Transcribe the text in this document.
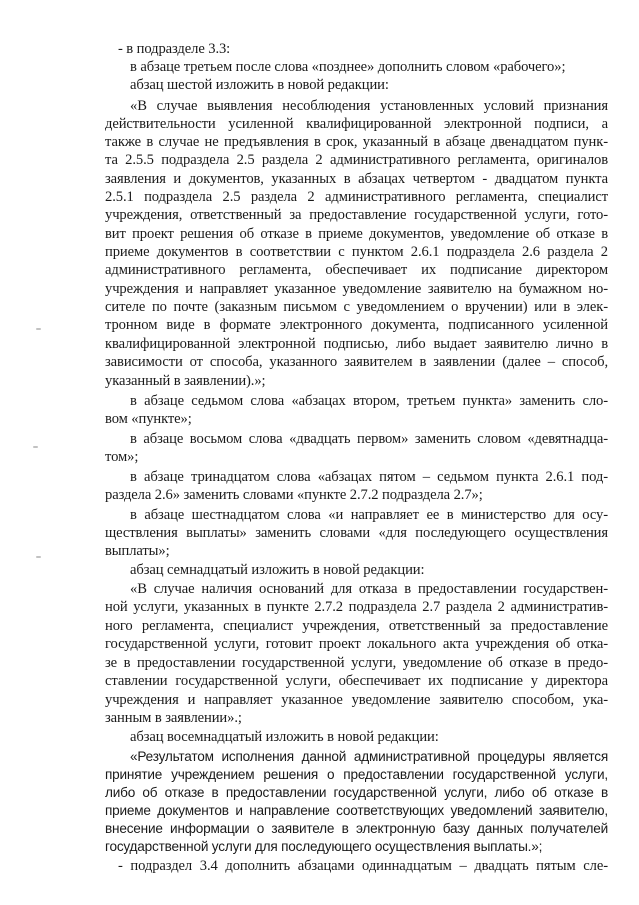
- в подразделе 3.3:
в абзаце третьем после слова «позднее» дополнить словом «рабочего»;
абзац шестой изложить в новой редакции:
«В случае выявления несоблюдения установленных условий признания
действительности усиленной квалифицированной электронной подписи, а
также в случае не предъявления в срок, указанный в абзаце двенадцатом пунк-
та 2.5.5 подраздела 2.5 раздела 2 административного регламента, оригиналов
заявления и документов, указанных в абзацах четвертом - двадцатом пункта
2.5.1 подраздела 2.5 раздела 2 административного регламента, специалист
учреждения, ответственный за предоставление государственной услуги, гото-
вит проект решения об отказе в приеме документов, уведомление об отказе в
приеме документов в соответствии с пунктом 2.6.1 подраздела 2.6 раздела 2
административного регламента, обеспечивает их подписание директором
учреждения и направляет указанное уведомление заявителю на бумажном но-
сителе по почте (заказным письмом с уведомлением о вручении) или в элек-
тронном виде в формате электронного документа, подписанного усиленной
квалифицированной электронной подписью, либо выдает заявителю лично в
зависимости от способа, указанного заявителем в заявлении (далее – способ,
указанный в заявлении).»;
в абзаце седьмом слова «абзацах втором, третьем пункта» заменить сло-
вом «пункте»;
в абзаце восьмом слова «двадцать первом» заменить словом «девятнадца-
том»;
в абзаце тринадцатом слова «абзацах пятом – седьмом пункта 2.6.1 под-
раздела 2.6» заменить словами «пункте 2.7.2 подраздела 2.7»;
в абзаце шестнадцатом слова «и направляет ее в министерство для осу-
ществления выплаты» заменить словами «для последующего осуществления
выплаты»;
абзац семнадцатый изложить в новой редакции:
«В случае наличия оснований для отказа в предоставлении государствен-
ной услуги, указанных в пункте 2.7.2 подраздела 2.7 раздела 2 административ-
ного регламента, специалист учреждения, ответственный за предоставление
государственной услуги, готовит проект локального акта учреждения об отка-
зе в предоставлении государственной услуги, уведомление об отказе в предо-
ставлении государственной услуги, обеспечивает их подписание у директора
учреждения и направляет указанное уведомление заявителю способом, ука-
занным в заявлении».;
абзац восемнадцатый изложить в новой редакции:
«Результатом исполнения данной административной процедуры является
принятие учреждением решения о предоставлении государственной услуги,
либо об отказе в предоставлении государственной услуги, либо об отказе в
приеме документов и направление соответствующих уведомлений заявителю,
внесение информации о заявителе в электронную базу данных получателей
государственной услуги для последующего осуществления выплаты.»;
- подраздел 3.4 дополнить абзацами одиннадцатым – двадцать пятым сле-
